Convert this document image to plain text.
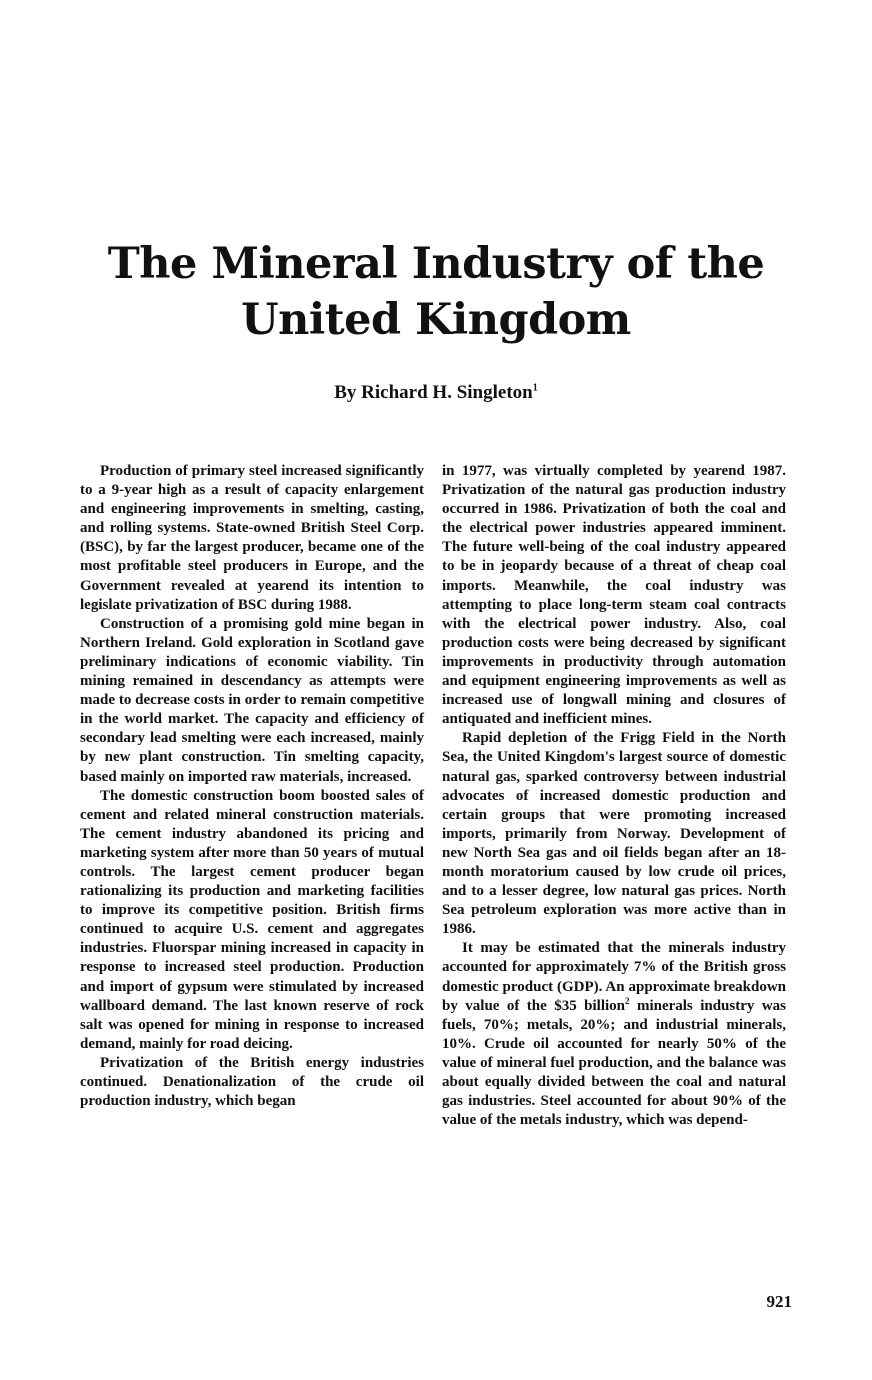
The Mineral Industry of the
United Kingdom
By Richard H. Singleton$^1$

Production of primary steel increased significantly to a 9-year high as a result of capacity enlargement and engineering improvements in smelting, casting, and rolling systems. State-owned British Steel Corp. (BSC), by far the largest producer, became one of the most profitable steel producers in Europe, and the Government revealed at yearend its intention to legislate privatization of BSC during 1988.

Construction of a promising gold mine began in Northern Ireland. Gold exploration in Scotland gave preliminary indications of economic viability. Tin mining remained in descendancy as attempts were made to decrease costs in order to remain competitive in the world market. The capacity and efficiency of secondary lead smelting were each increased, mainly by new plant construction. Tin smelting capacity, based mainly on imported raw materials, increased.

The domestic construction boom boosted sales of cement and related mineral construction materials. The cement industry abandoned its pricing and marketing system after more than 50 years of mutual controls. The largest cement producer began rationalizing its production and marketing facilities to improve its competitive position. British firms continued to acquire U.S. cement and aggregates industries. Fluorspar mining increased in capacity in response to increased steel production. Production and import of gypsum were stimulated by increased wallboard demand. The last known reserve of rock salt was opened for mining in response to increased demand, mainly for road deicing.

Privatization of the British energy industries continued. Denationalization of the crude oil production industry, which began

in 1977, was virtually completed by yearend 1987. Privatization of the natural gas production industry occurred in 1986. Privatization of both the coal and the electrical power industries appeared imminent. The future well-being of the coal industry appeared to be in jeopardy because of a threat of cheap coal imports. Meanwhile, the coal industry was attempting to place long-term steam coal contracts with the electrical power industry. Also, coal production costs were being decreased by significant improvements in productivity through automation and equipment engineering improvements as well as increased use of longwall mining and closures of antiquated and inefficient mines.

Rapid depletion of the Frigg Field in the North Sea, the United Kingdom's largest source of domestic natural gas, sparked controversy between industrial advocates of increased domestic production and certain groups that were promoting increased imports, primarily from Norway. Development of new North Sea gas and oil fields began after an 18-month moratorium caused by low crude oil prices, and to a lesser degree, low natural gas prices. North Sea petroleum exploration was more active than in 1986.

It may be estimated that the minerals industry accounted for approximately 7% of the British gross domestic product (GDP). An approximate breakdown by value of the $35 billion$^2$ minerals industry was fuels, 70%; metals, 20%; and industrial minerals, 10%. Crude oil accounted for nearly 50% of the value of mineral fuel production, and the balance was about equally divided between the coal and natural gas industries. Steel accounted for about 90% of the value of the metals industry, which was depend-

921
